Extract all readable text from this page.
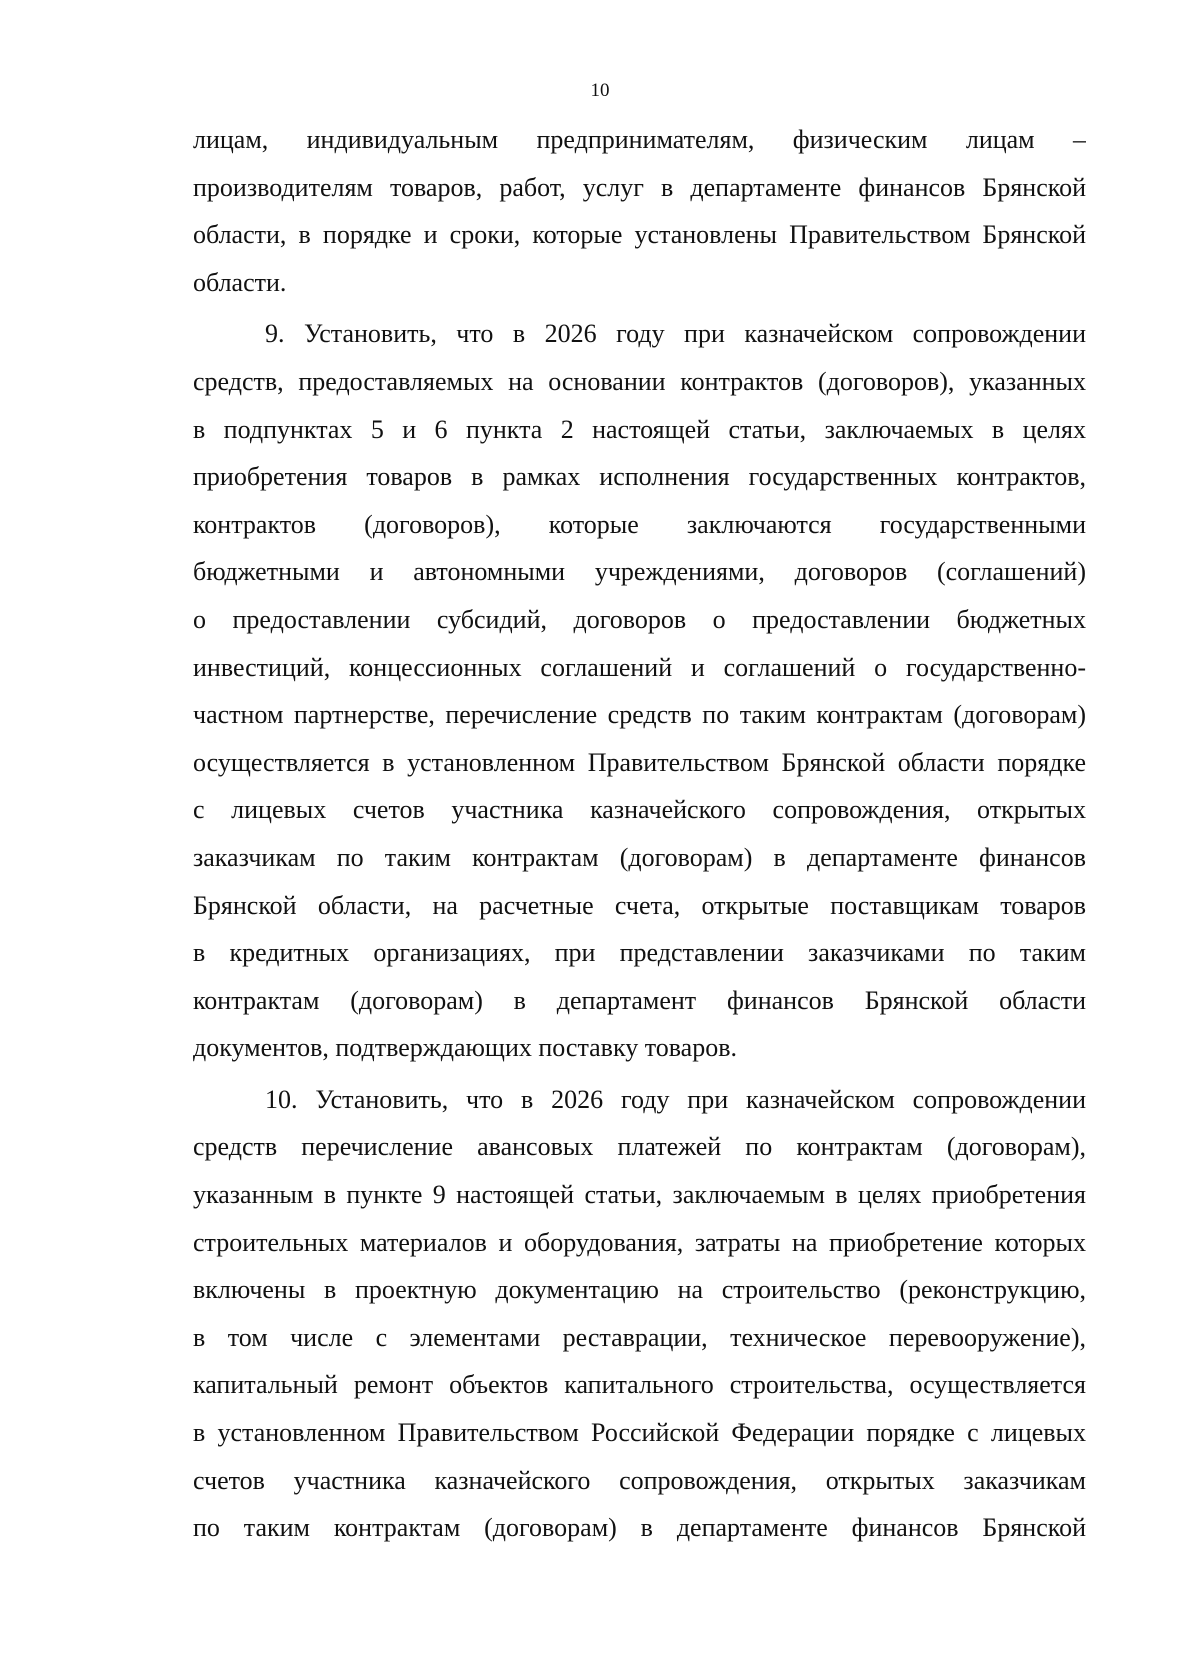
10
лицам, индивидуальным предпринимателям, физическим лицам –
производителям товаров, работ, услуг в департаменте финансов Брянской
области, в порядке и сроки, которые установлены Правительством Брянской
области.
9. Установить, что в 2026 году при казначейском сопровождении
средств, предоставляемых на основании контрактов (договоров), указанных
в подпунктах 5 и 6 пункта 2 настоящей статьи, заключаемых в целях
приобретения товаров в рамках исполнения государственных контрактов,
контрактов (договоров), которые заключаются государственными
бюджетными и автономными учреждениями, договоров (соглашений)
о предоставлении субсидий, договоров о предоставлении бюджетных
инвестиций, концессионных соглашений и соглашений о государственно-
частном партнерстве, перечисление средств по таким контрактам (договорам)
осуществляется в установленном Правительством Брянской области порядке
с лицевых счетов участника казначейского сопровождения, открытых
заказчикам по таким контрактам (договорам) в департаменте финансов
Брянской области, на расчетные счета, открытые поставщикам товаров
в кредитных организациях, при представлении заказчиками по таким
контрактам (договорам) в департамент финансов Брянской области
документов, подтверждающих поставку товаров.
10. Установить, что в 2026 году при казначейском сопровождении
средств перечисление авансовых платежей по контрактам (договорам),
указанным в пункте 9 настоящей статьи, заключаемым в целях приобретения
строительных материалов и оборудования, затраты на приобретение которых
включены в проектную документацию на строительство (реконструкцию,
в том числе с элементами реставрации, техническое перевооружение),
капитальный ремонт объектов капитального строительства, осуществляется
в установленном Правительством Российской Федерации порядке с лицевых
счетов участника казначейского сопровождения, открытых заказчикам
по таким контрактам (договорам) в департаменте финансов Брянской
